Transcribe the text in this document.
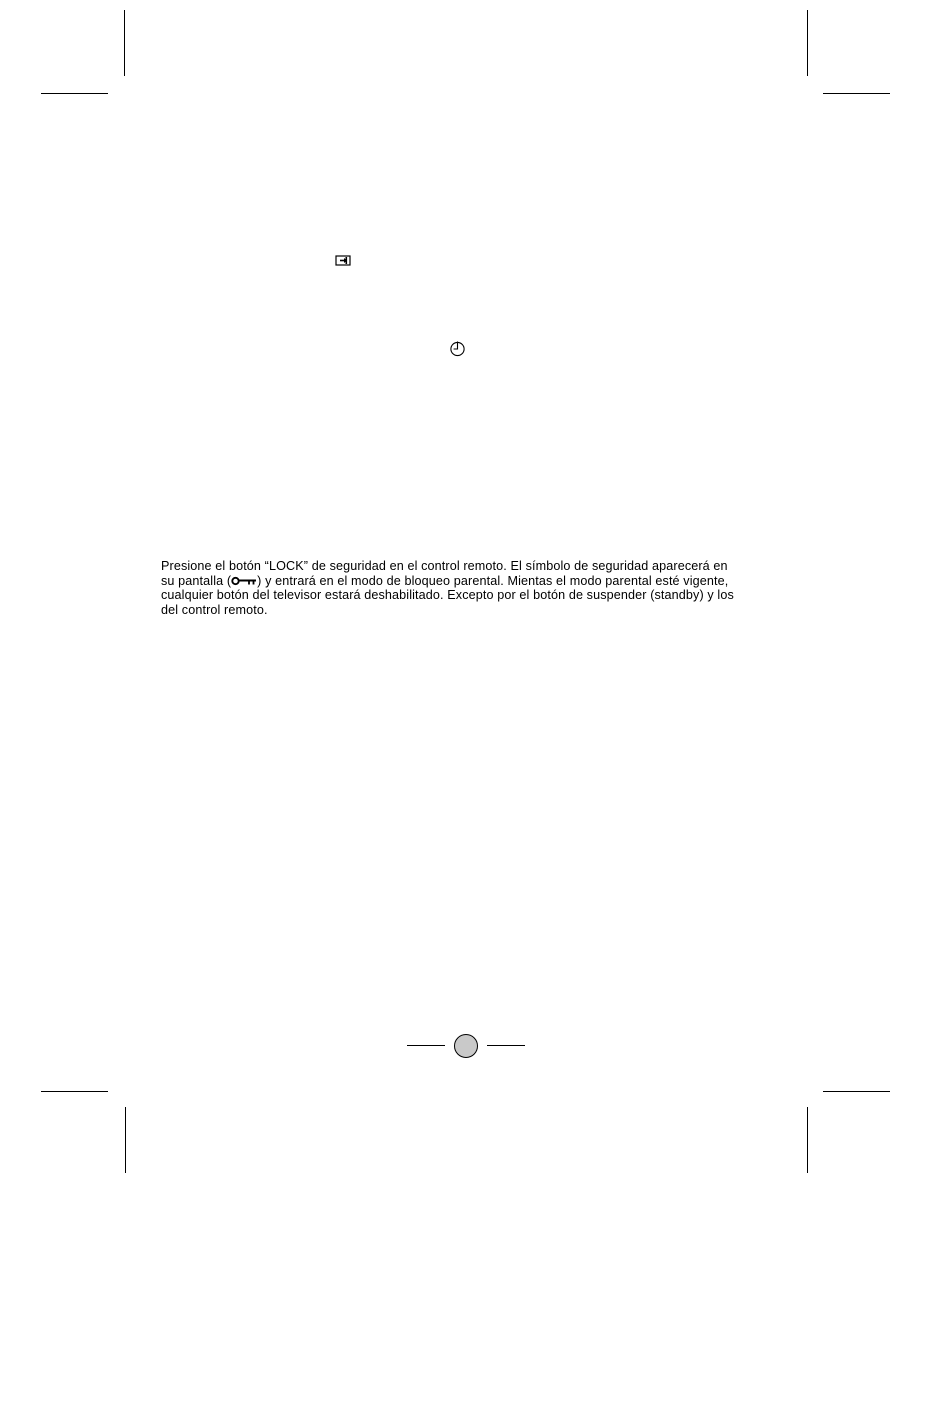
Presione el botón “LOCK” de seguridad en el control remoto. El símbolo de seguridad aparecerá en
su pantalla ( ) y entrará en el modo de bloqueo parental. Mientas el modo parental esté vigente,
cualquier botón del televisor estará deshabilitado. Excepto por el botón de suspender (standby) y los
del control remoto.
